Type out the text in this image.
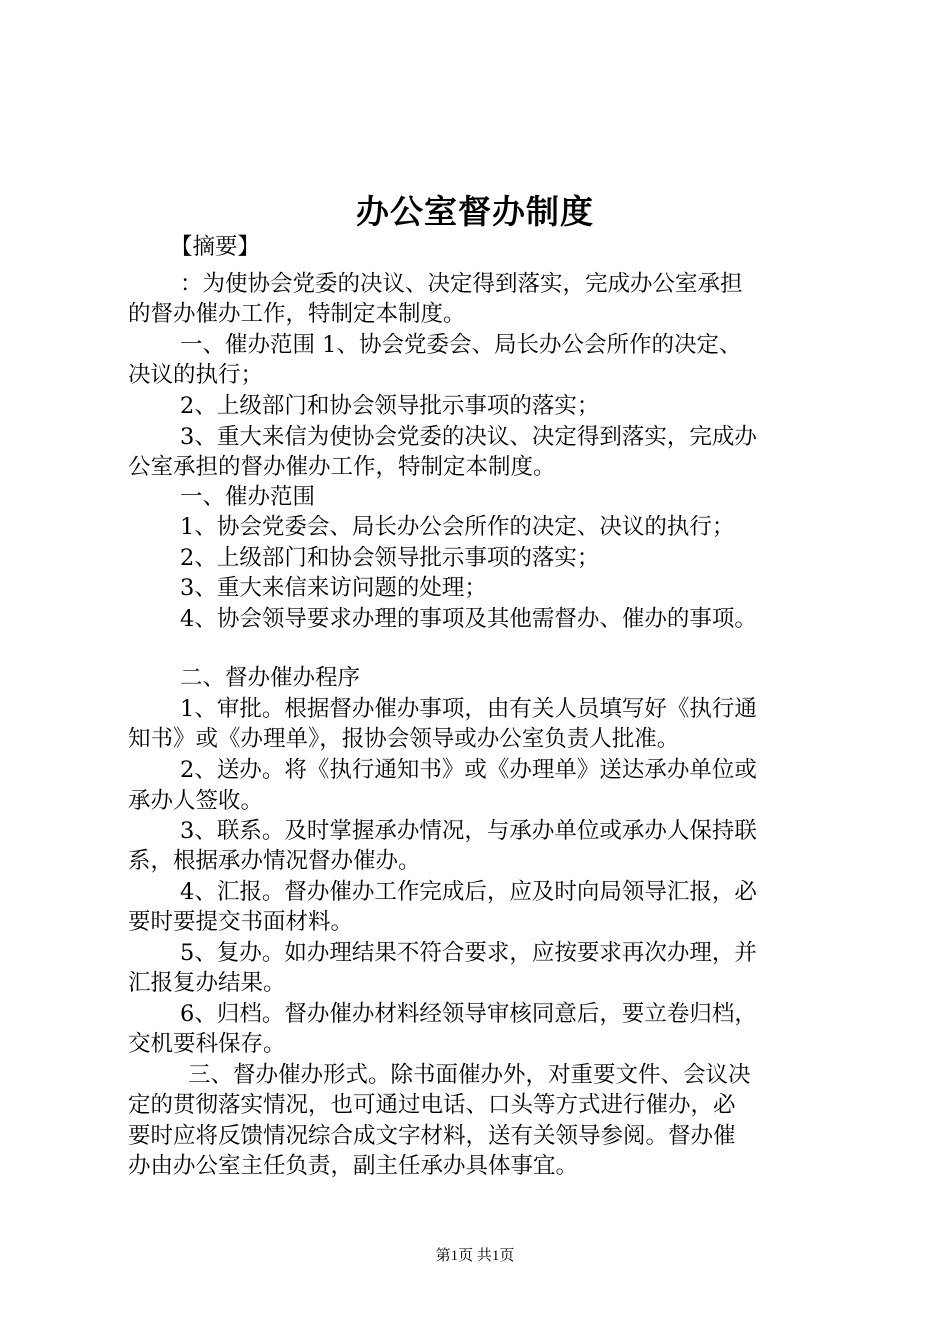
办公室督办制度
【摘要】
：为使协会党委的决议、决定得到落实，完成办公室承担
的督办催办工作，特制定本制度。
一、催办范围 1、协会党委会、局长办公会所作的决定、
决议的执行；
2、上级部门和协会领导批示事项的落实；
3、重大来信为使协会党委的决议、决定得到落实，完成办
公室承担的督办催办工作，特制定本制度。
一、催办范围
1、协会党委会、局长办公会所作的决定、决议的执行；
2、上级部门和协会领导批示事项的落实；
3、重大来信来访问题的处理；
4、协会领导要求办理的事项及其他需督办、催办的事项。
二、督办催办程序
1、审批。根据督办催办事项，由有关人员填写好《执行通
知书》或《办理单》，报协会领导或办公室负责人批准。
2、送办。将《执行通知书》或《办理单》送达承办单位或
承办人签收。
3、联系。及时掌握承办情况，与承办单位或承办人保持联
系，根据承办情况督办催办。
4、汇报。督办催办工作完成后，应及时向局领导汇报，必
要时要提交书面材料。
5、复办。如办理结果不符合要求，应按要求再次办理，并
汇报复办结果。
6、归档。督办催办材料经领导审核同意后，要立卷归档，
交机要科保存。
三、督办催办形式。除书面催办外，对重要文件、会议决
定的贯彻落实情况，也可通过电话、口头等方式进行催办，必
要时应将反馈情况综合成文字材料，送有关领导参阅。督办催
办由办公室主任负责，副主任承办具体事宜。
第1页 共1页
